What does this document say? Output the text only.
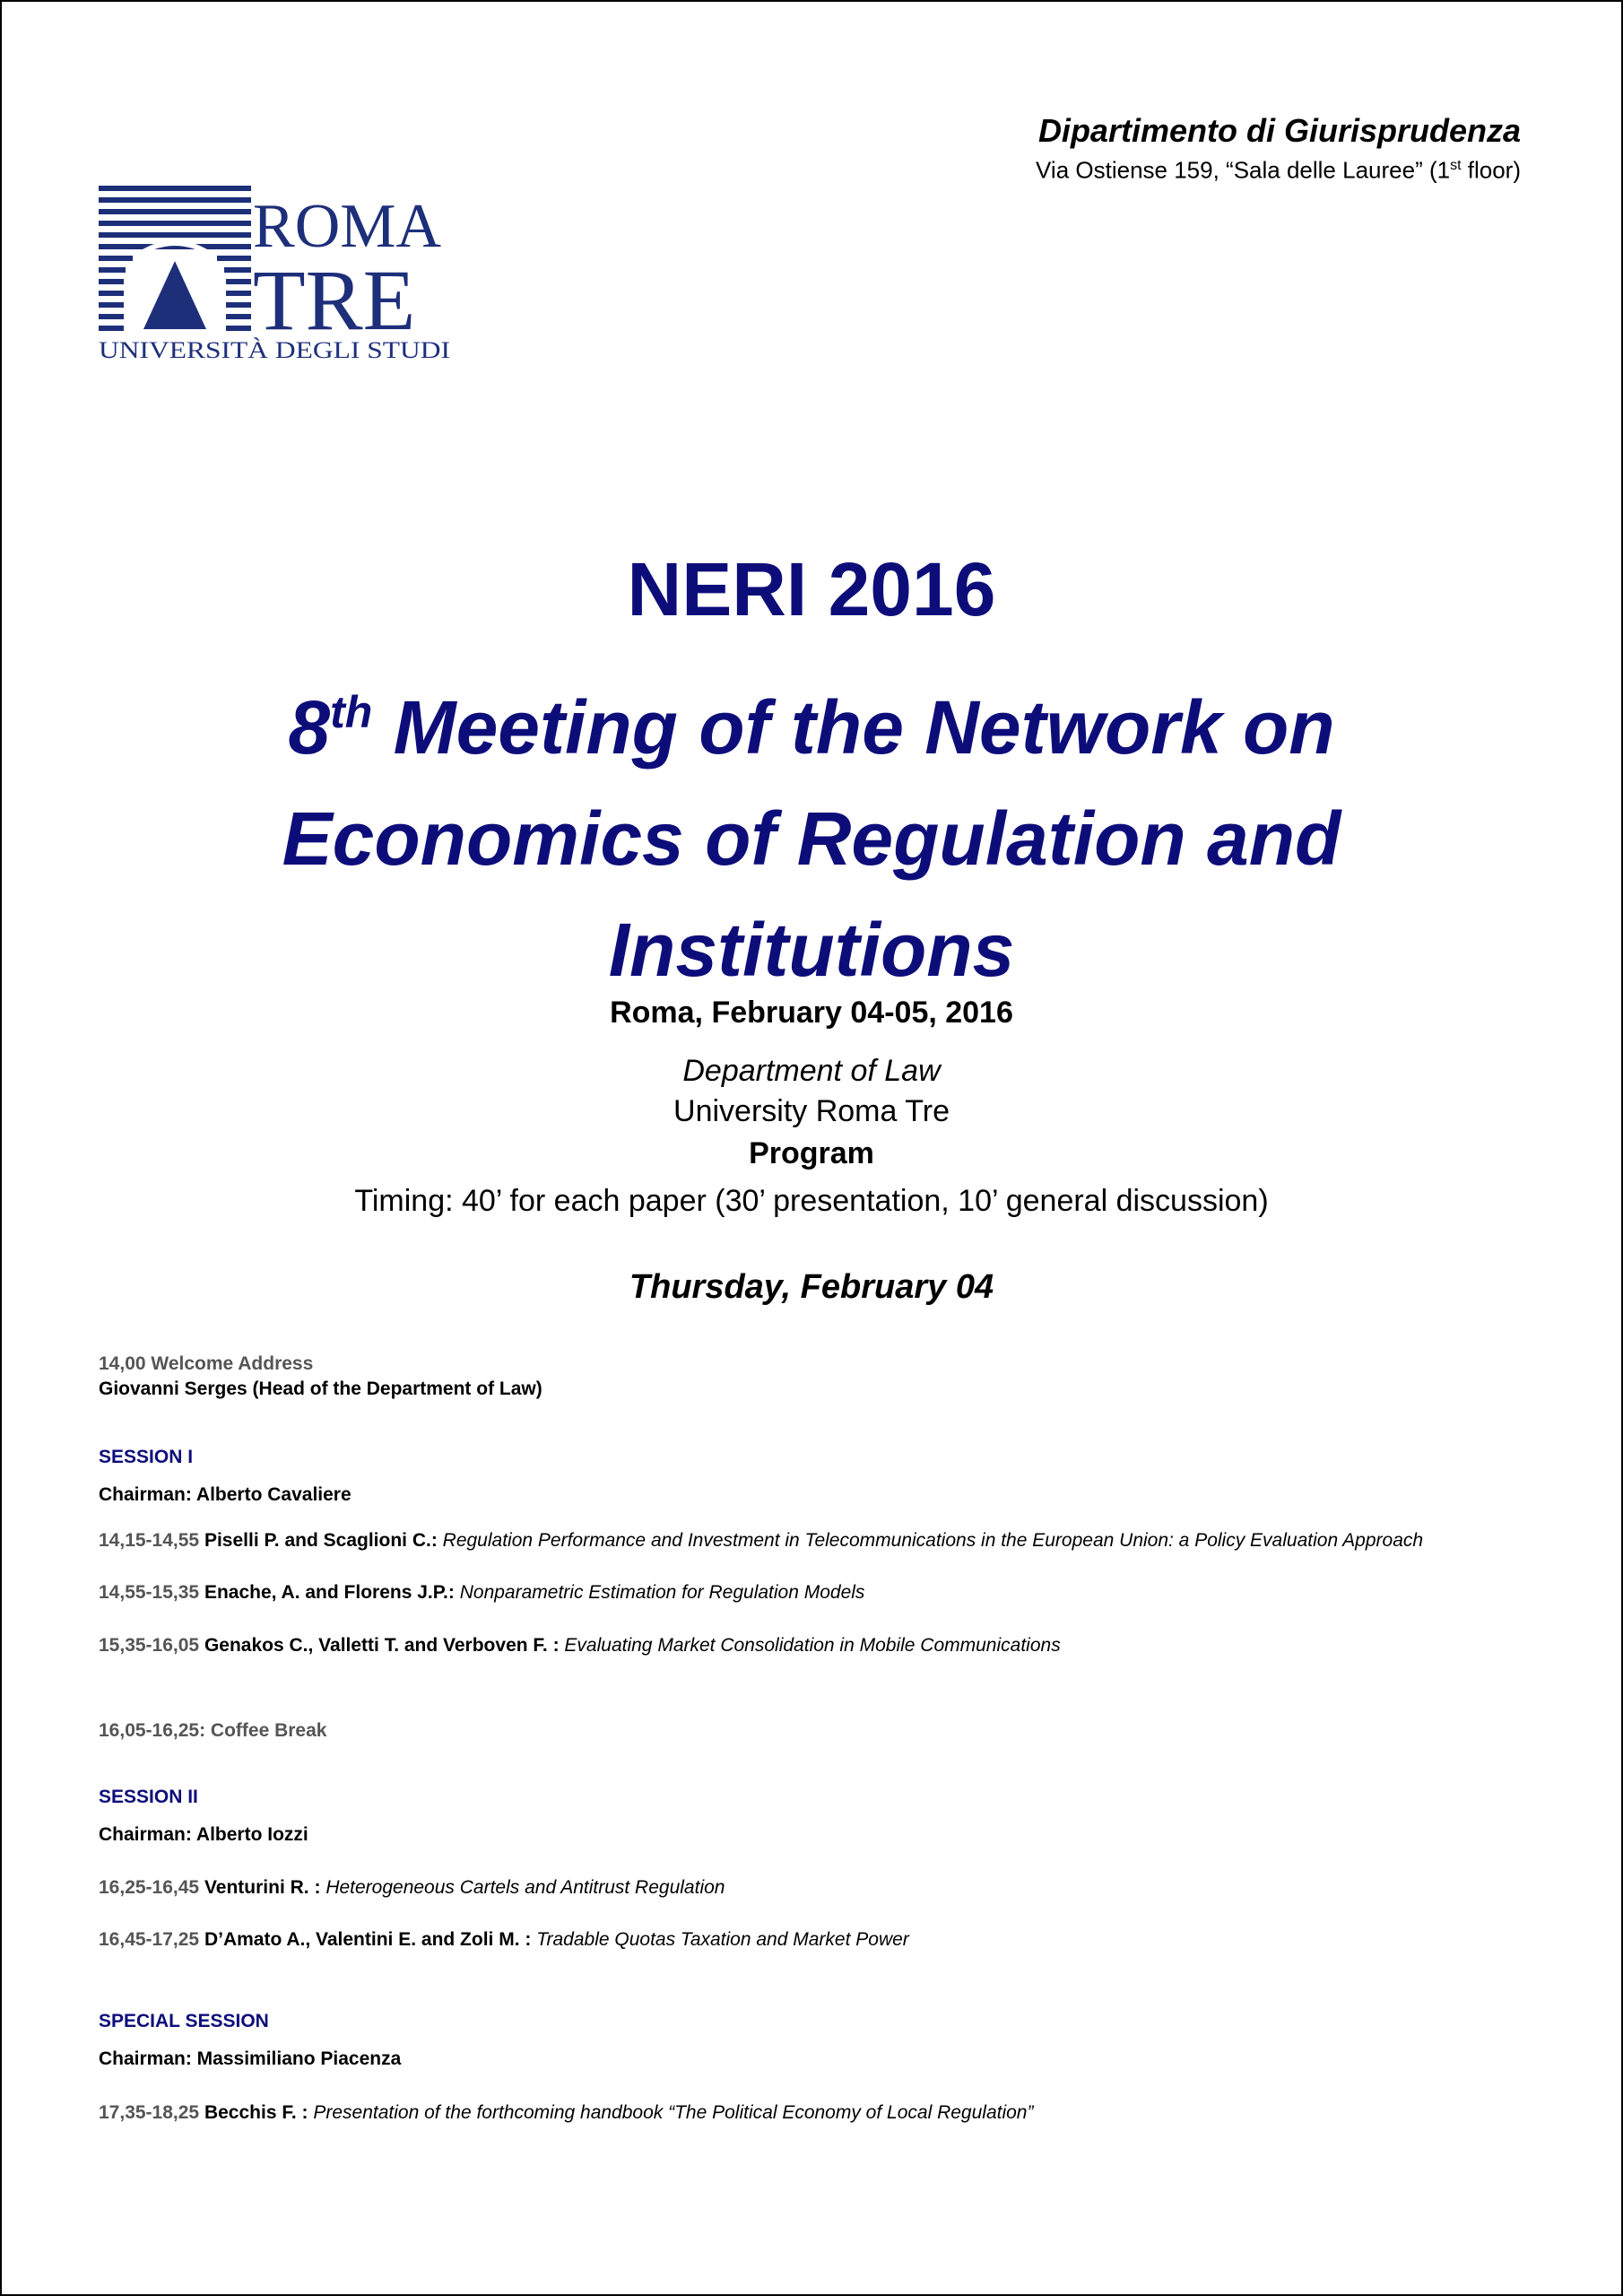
Dipartimento di Giurisprudenza
Via Ostiense 159, “Sala delle Lauree” (1st floor)
ROMA
TRE
UNIVERSITÀ DEGLI STUDI
NERI 2016
8th Meeting of the Network on Economics of Regulation and Institutions
Roma, February 04-05, 2016
Department of Law
University Roma Tre
Program
Timing: 40’ for each paper (30’ presentation, 10’ general discussion)
Thursday, February 04
14,00 Welcome Address
Giovanni Serges (Head of the Department of Law)
SESSION I
Chairman: Alberto Cavaliere
14,15-14,55 Piselli P. and Scaglioni C.: Regulation Performance and Investment in Telecommunications in the European Union: a Policy Evaluation Approach
14,55-15,35 Enache, A. and Florens J.P.: Nonparametric Estimation for Regulation Models
15,35-16,05 Genakos C., Valletti T. and Verboven F. : Evaluating Market Consolidation in Mobile Communications
16,05-16,25: Coffee Break
SESSION II
Chairman: Alberto Iozzi
16,25-16,45 Venturini R. : Heterogeneous Cartels and Antitrust Regulation
16,45-17,25 D’Amato A., Valentini E. and Zoli M. : Tradable Quotas Taxation and Market Power
SPECIAL SESSION
Chairman: Massimiliano Piacenza
17,35-18,25 Becchis F. : Presentation of the forthcoming handbook “The Political Economy of Local Regulation”
